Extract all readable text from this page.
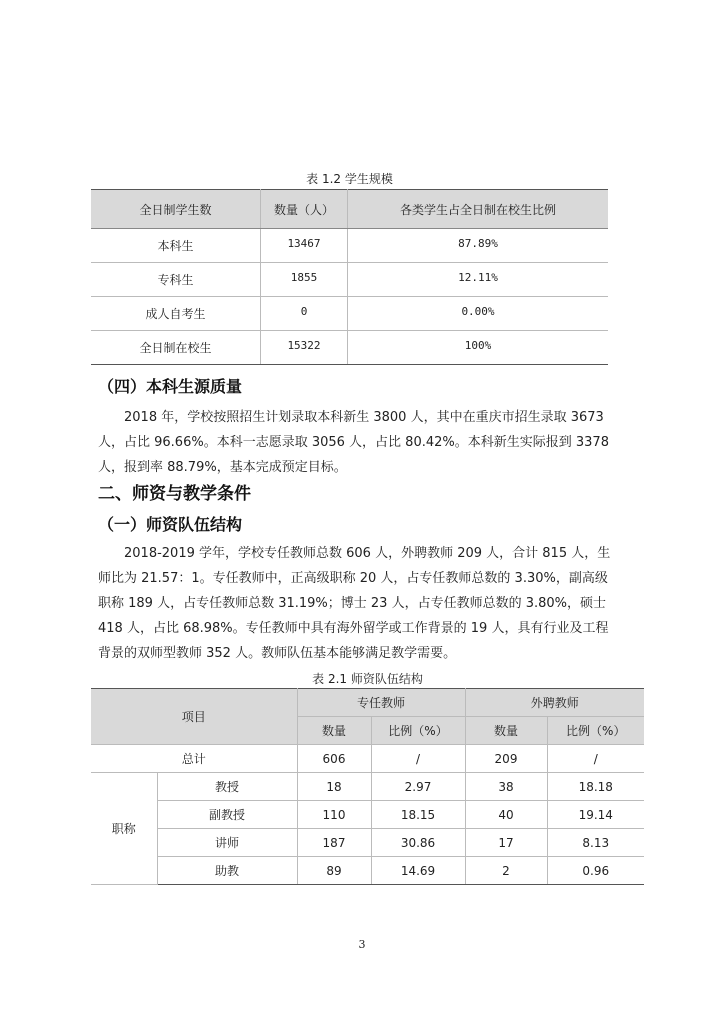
表 1.2 学生规模
全日制学生数	数量（人）	各类学生占全日制在校生比例
本科生	13467	87.89%
专科生	1855	12.11%
成人自考生	0	0.00%
全日制在校生	15322	100%
（四）本科生源质量
2018 年，学校按照招生计划录取本科新生 3800 人，其中在重庆市招生录取 3673
人，占比 96.66%。本科一志愿录取 3056 人，占比 80.42%。本科新生实际报到 3378
人，报到率 88.79%，基本完成预定目标。
二、师资与教学条件
（一）师资队伍结构
2018-2019 学年，学校专任教师总数 606 人，外聘教师 209 人，合计 815 人，生
师比为 21.57：1。专任教师中，正高级职称 20 人，占专任教师总数的 3.30%，副高级
职称 189 人，占专任教师总数 31.19%；博士 23 人，占专任教师总数的 3.80%，硕士
418 人，占比 68.98%。专任教师中具有海外留学或工作背景的 19 人，具有行业及工程
背景的双师型教师 352 人。教师队伍基本能够满足教学需要。
表 2.1 师资队伍结构
项目		专任教师		外聘教师	
		数量	比例（%）	数量	比例（%）
总计		606	/	209	/
职称	教授	18	2.97	38	18.18
	副教授	110	18.15	40	19.14
	讲师	187	30.86	17	8.13
	助教	89	14.69	2	0.96
3
